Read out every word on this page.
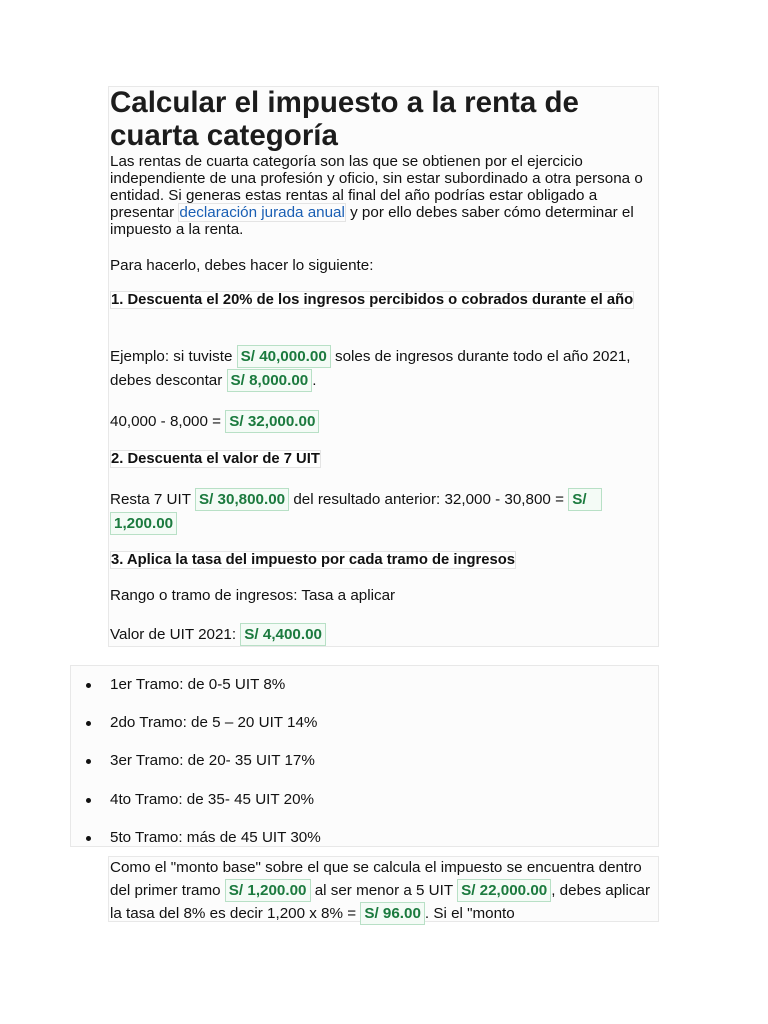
Calcular el impuesto a la renta de cuarta categoría

Las rentas de cuarta categoría son las que se obtienen por el ejercicio independiente de una profesión y oficio, sin estar subordinado a otra persona o entidad. Si generas estas rentas al final del año podrías estar obligado a presentar declaración jurada anual y por ello debes saber cómo determinar el impuesto a la renta.

Para hacerlo, debes hacer lo siguiente:

1. Descuenta el 20% de los ingresos percibidos o cobrados durante el año

Ejemplo: si tuviste S/ 40,000.00 soles de ingresos durante todo el año 2021, debes descontar S/ 8,000.00 .

40,000 - 8,000 = S/ 32,000.00

2. Descuenta el valor de 7 UIT

Resta 7 UIT S/ 30,800.00 del resultado anterior: 32,000 - 30,800 = S/
1,200.00

3. Aplica la tasa del impuesto por cada tramo de ingresos

Rango o tramo de ingresos: Tasa a aplicar

Valor de UIT 2021: S/ 4,400.00

1er Tramo: de 0-5 UIT 8%
2do Tramo: de 5 – 20 UIT 14%
3er Tramo: de 20- 35 UIT 17%
4to Tramo: de 35- 45 UIT 20%
5to Tramo: más de 45 UIT 30%

Como el "monto base" sobre el que se calcula el impuesto se encuentra dentro del primer tramo S/ 1,200.00 al ser menor a 5 UIT S/ 22,000.00 , debes aplicar la tasa del 8% es decir 1,200 x 8% = S/ 96.00 . Si el "monto
